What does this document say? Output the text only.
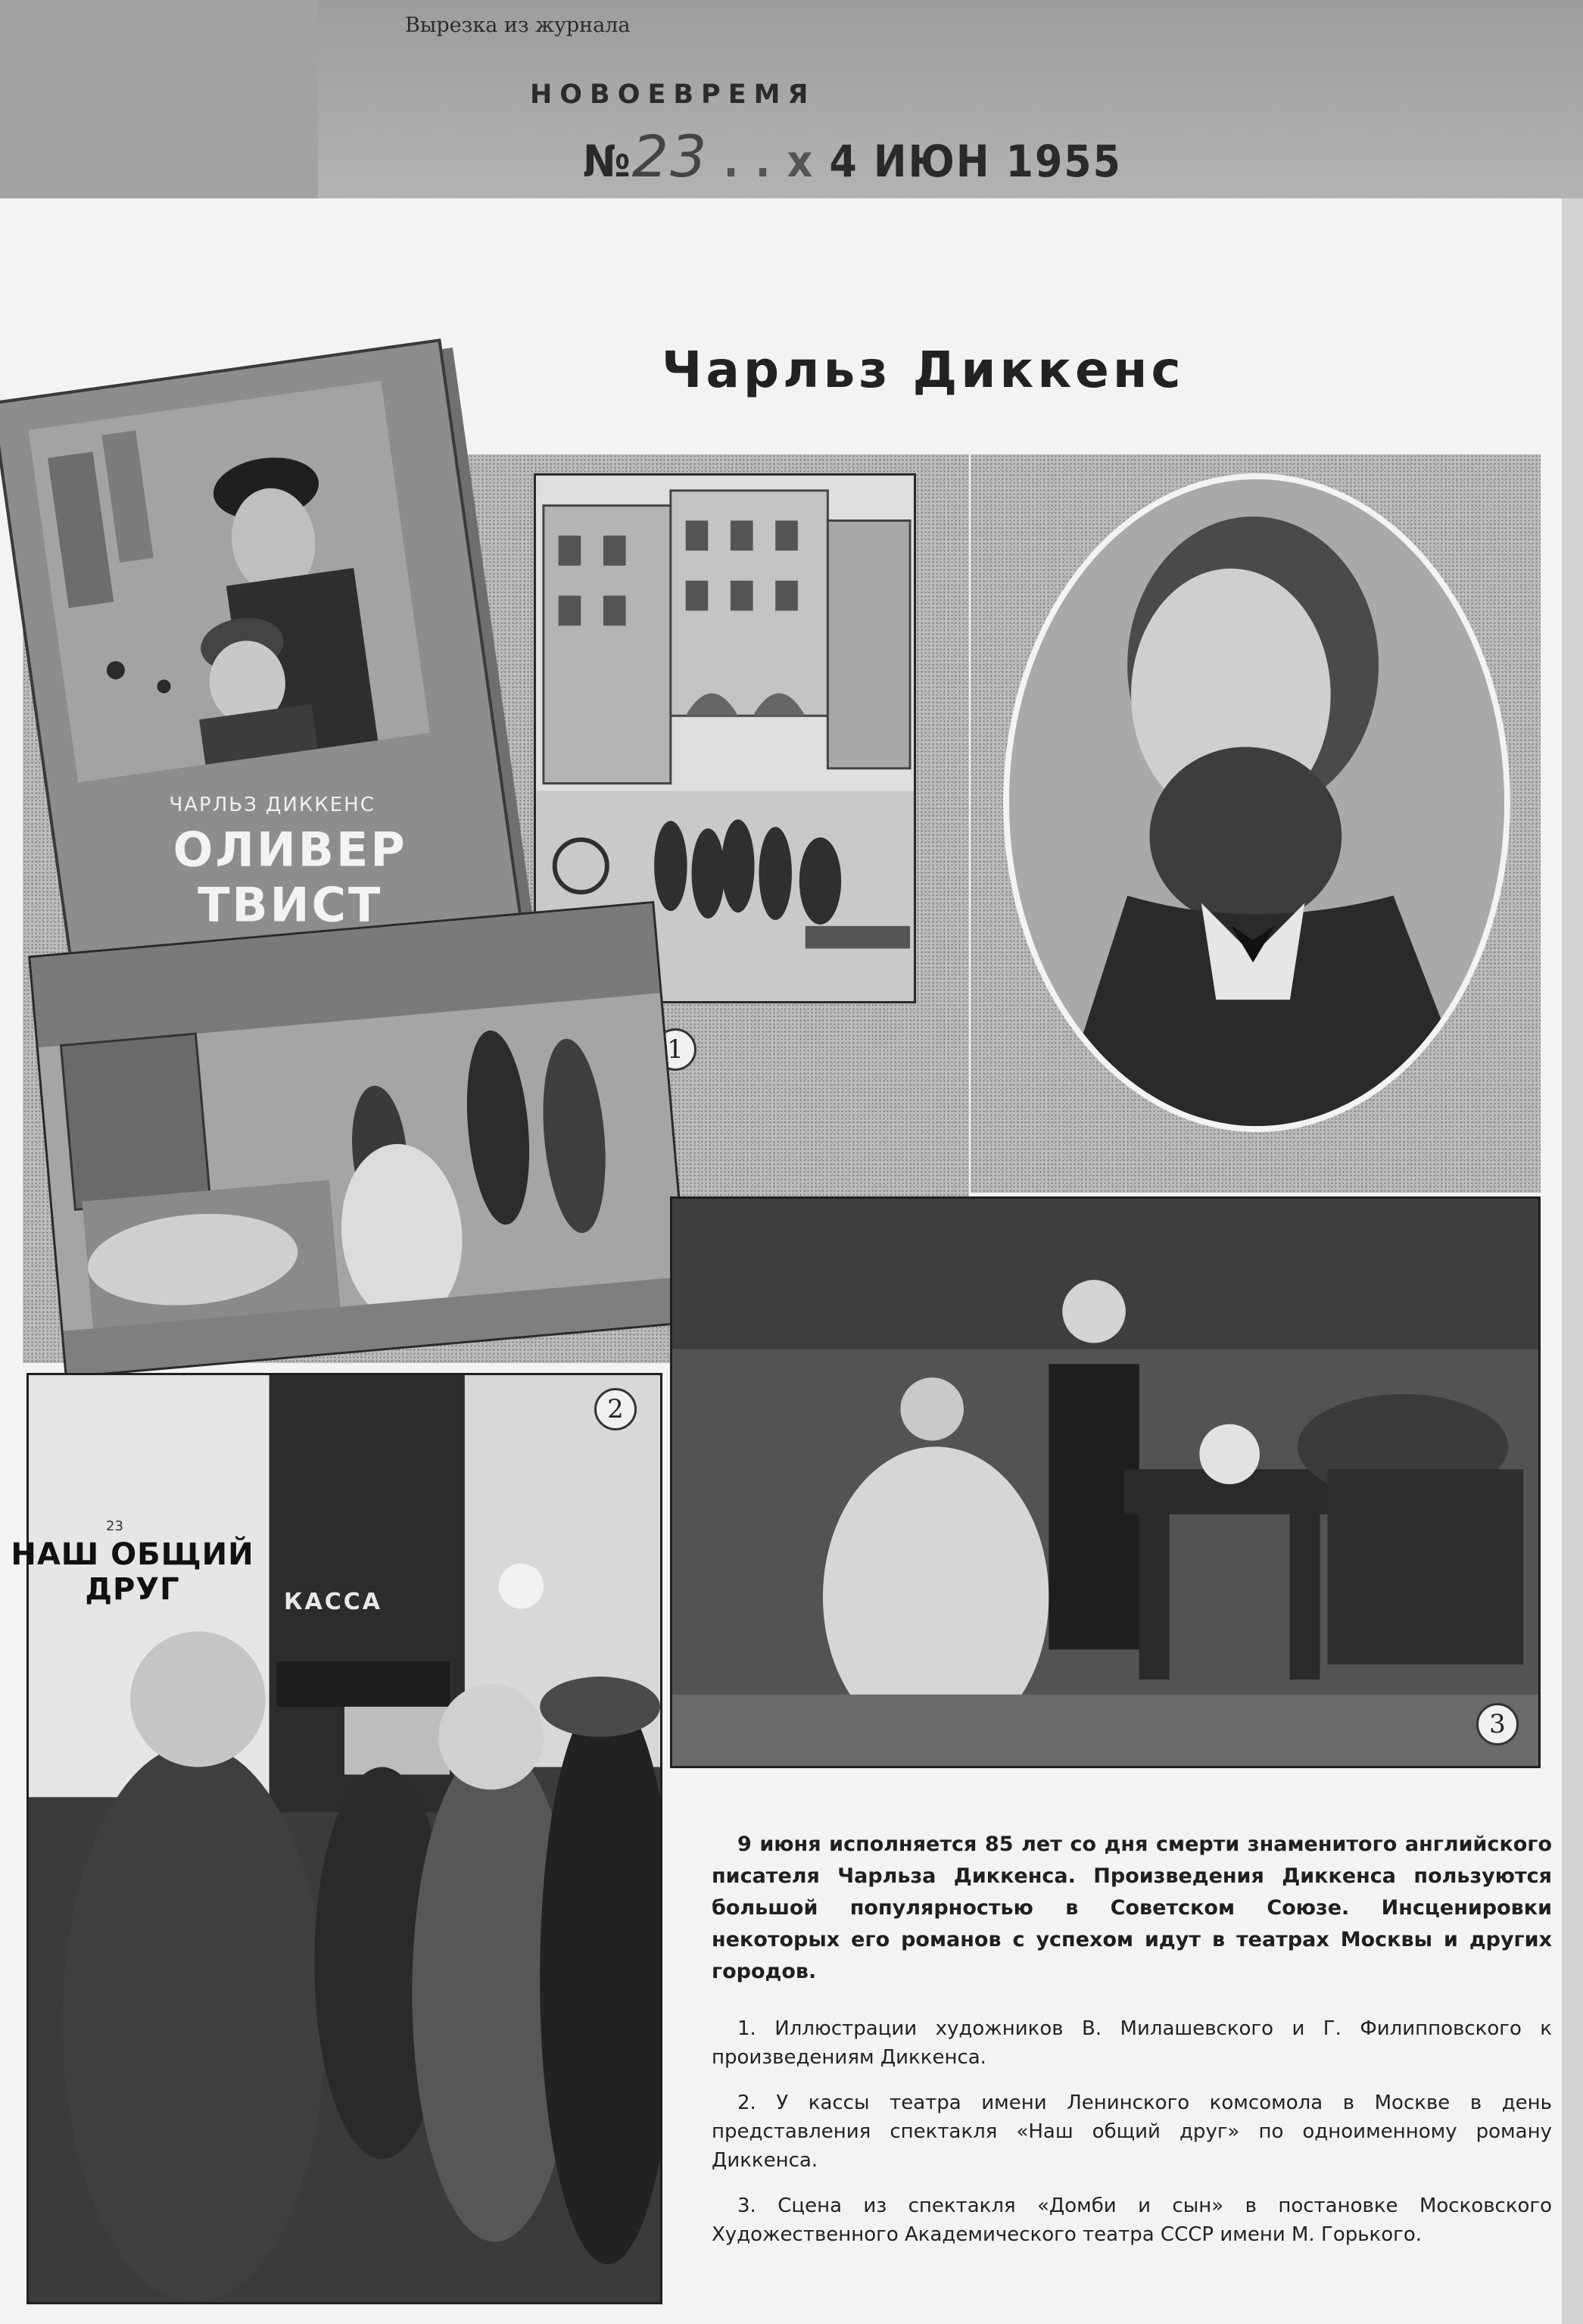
Вырезка из журнала
НОВОЕВРЕМЯ
№23 . . х 4 ИЮН 1955
Чарльз Диккенс
ЧАРЛЬЗ ДИККЕНС
ОЛИВЕР ТВИСТ
1
23
НАШ ОБЩИЙ ДРУГ	КАССА
2
3

9 июня исполняется 85 лет со дня смерти знаменитого английского писателя Чарльза Диккенса. Произведения Диккенса пользуются большой популярностью в Советском Союзе. Инсценировки некоторых его романов с успехом идут в театрах Москвы и других городов.

1. Иллюстрации художников В. Милашевского и Г. Филипповского к произведениям Диккенса.

2. У кассы театра имени Ленинского комсомола в Москве в день представления спектакля «Наш общий друг» по одноименному роману Диккенса.

3. Сцена из спектакля «Домби и сын» в постановке Московского Художественного Академического театра СССР имени М. Горького.
